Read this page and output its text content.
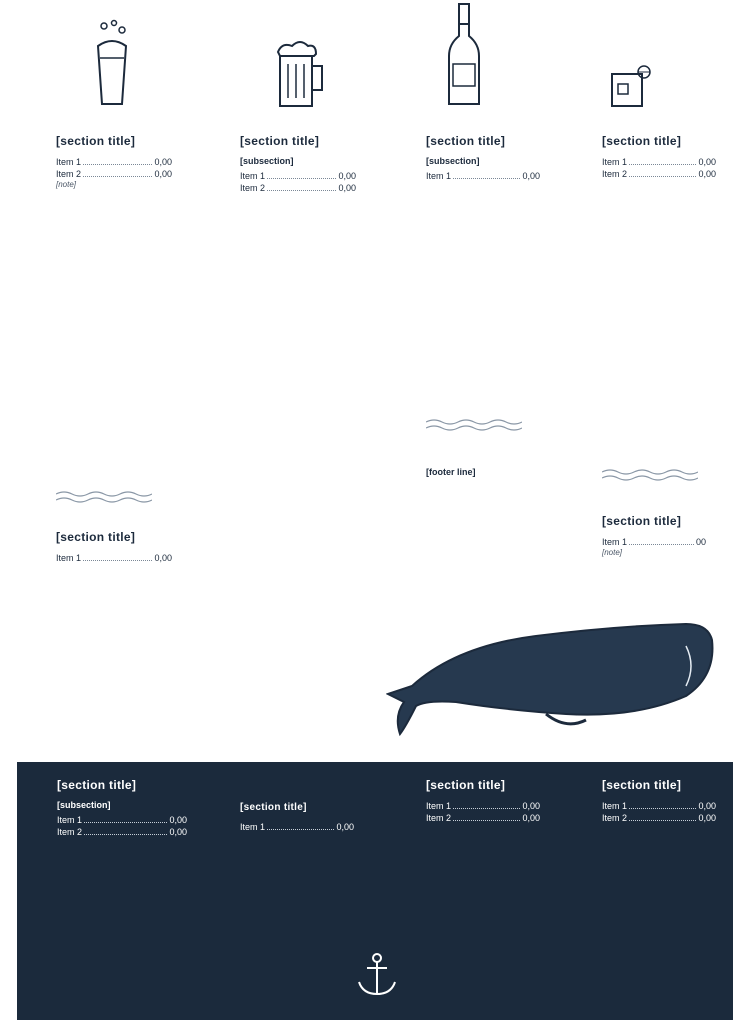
[section title]
Item 1	0,00
Item 2	0,00
[note]
[section title]
Item 1	0,00
[section title]
[subsection]
Item 1	0,00
Item 2	0,00
[section title]
[subsection]
Item 1	0,00
[footer line]
[section title]
Item 1	0,00
Item 2	0,00
[section title]
Item 1	00
[note]
[section title]
[subsection]
Item 1	0,00
Item 2	0,00
[section title]
Item 1	0,00
[section title]
Item 1	0,00
Item 2	0,00
[section title]
Item 1	0,00
Item 2	0,00
